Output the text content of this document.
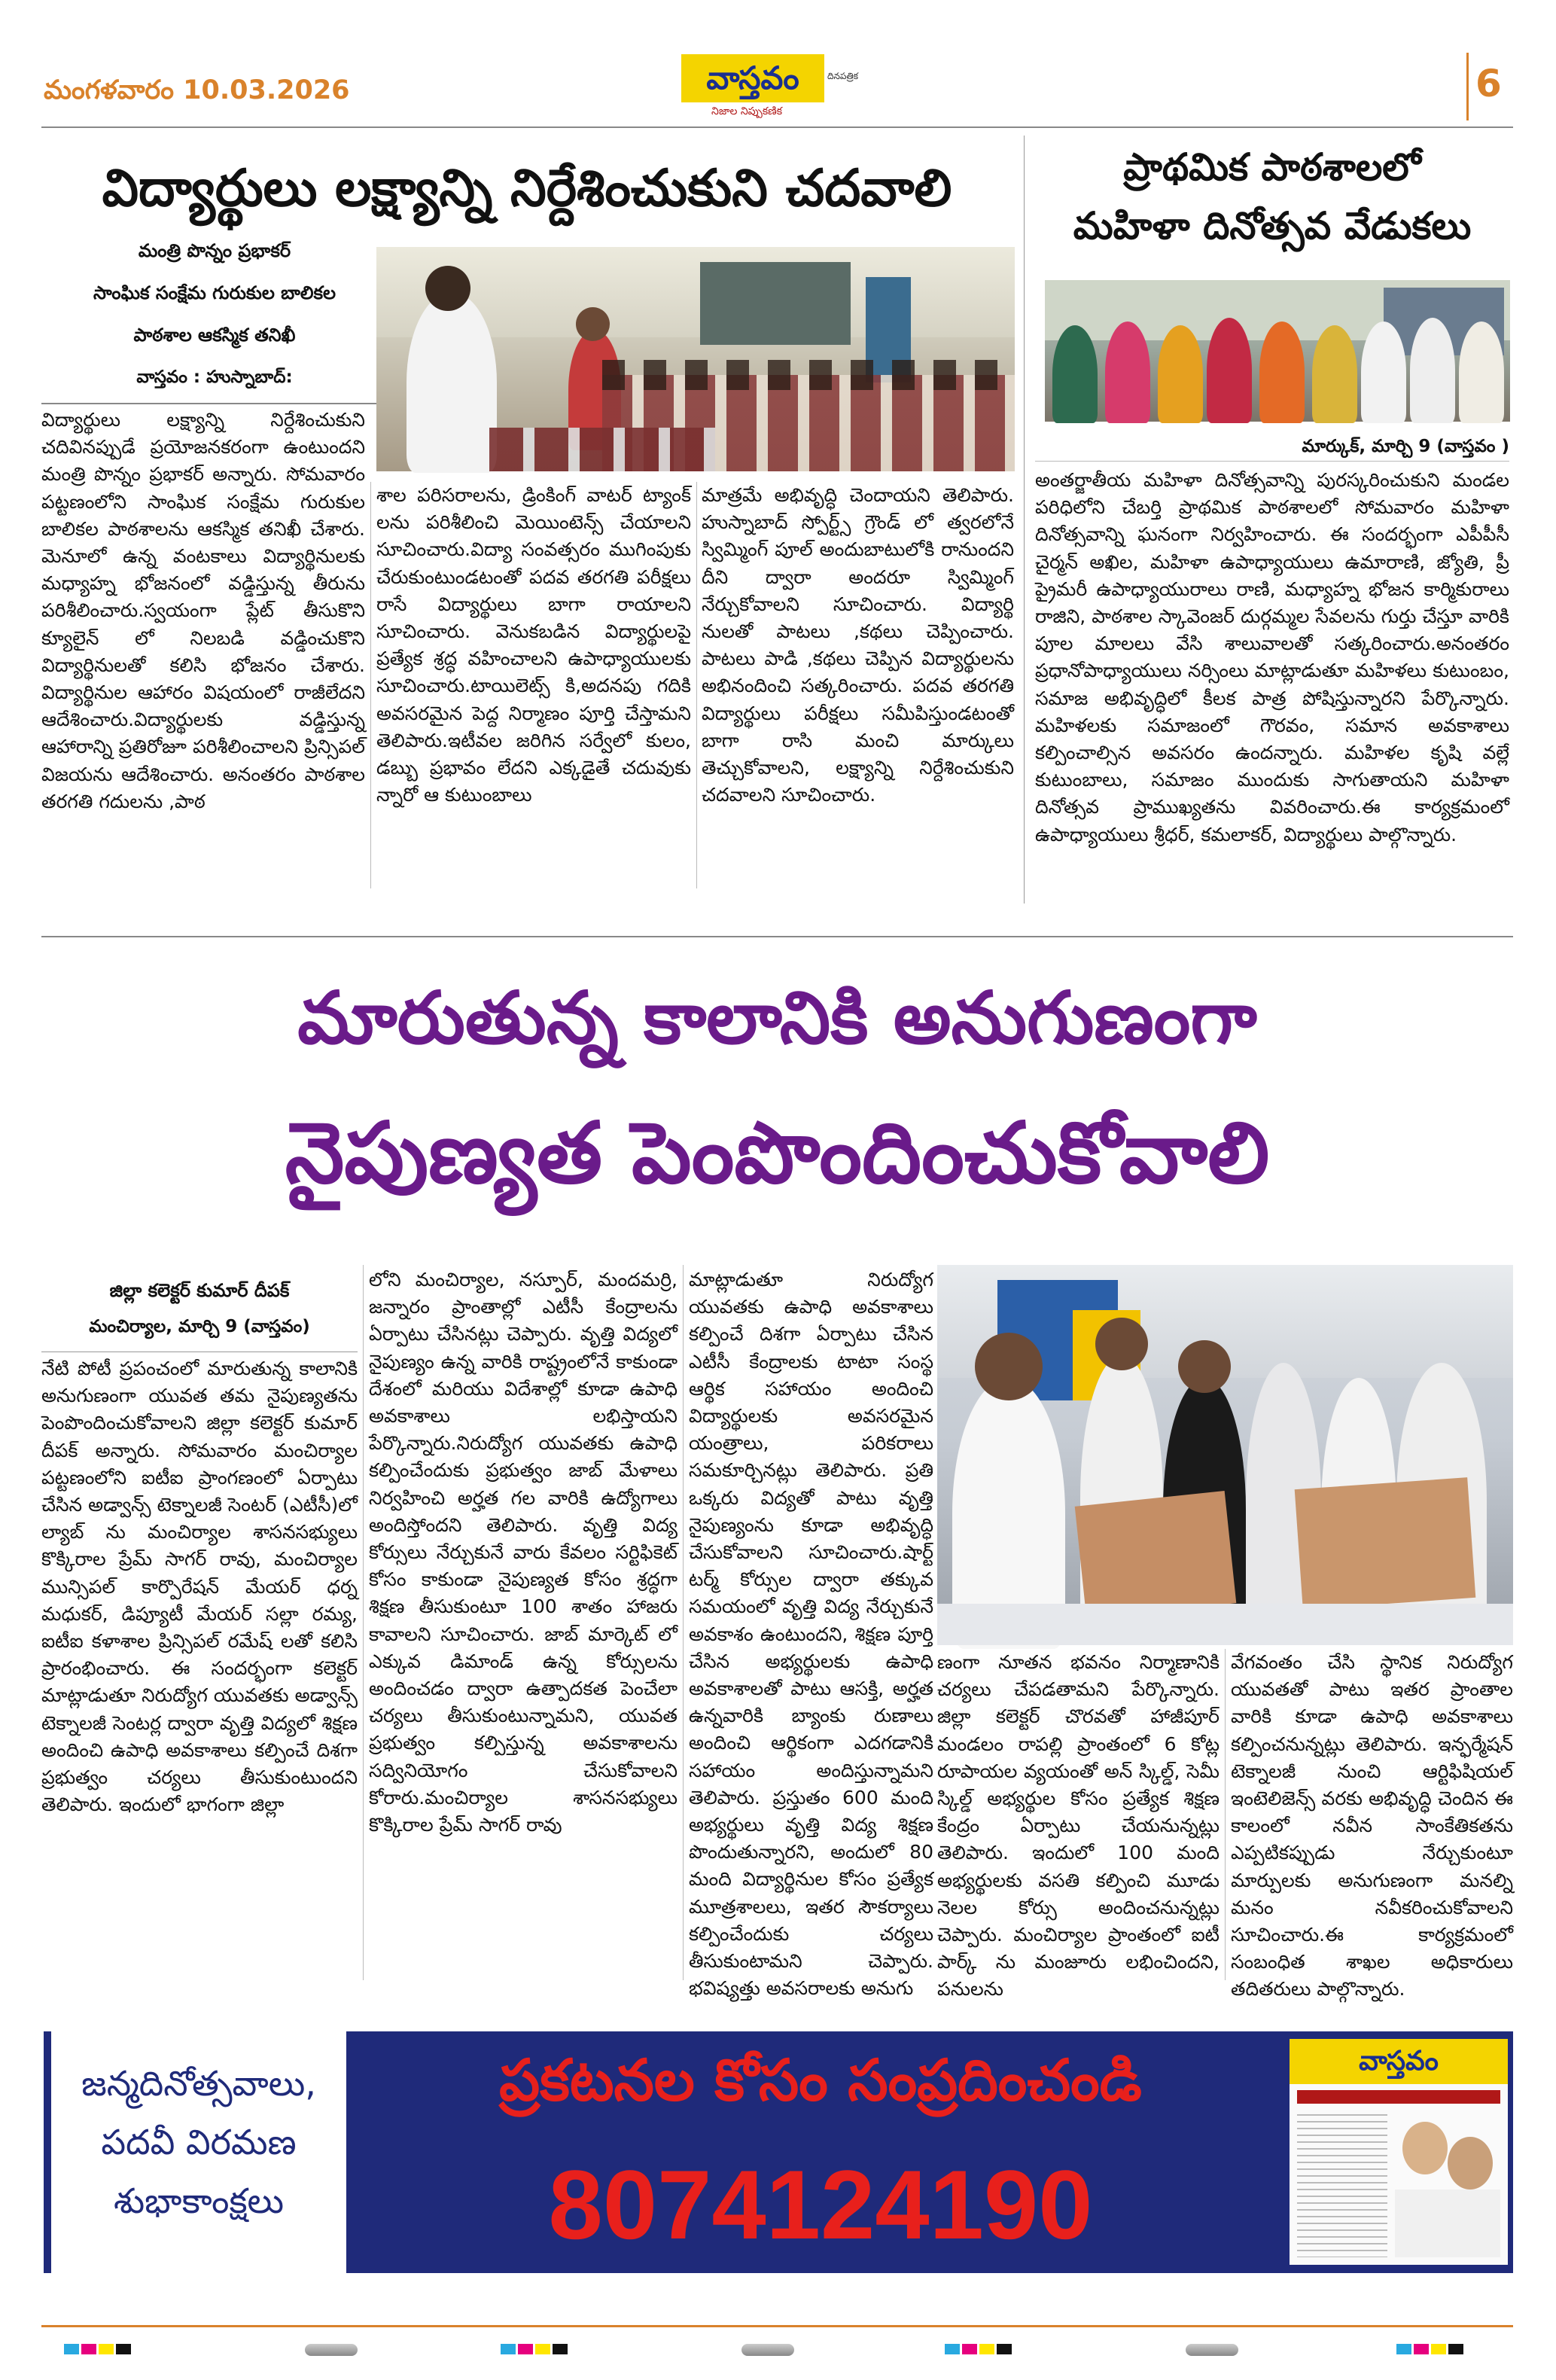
మంగళవారం 10.03.2026	వాస్తవం	దినపత్రిక
నిజాల నిప్పుకణిక
6
విద్యార్థులు లక్ష్యాన్ని నిర్దేశించుకుని చదవాలి
మంత్రి పొన్నం ప్రభాకర్
సాంఘిక సంక్షేమ గురుకుల బాలికల
పాఠశాల ఆకస్మిక తనిఖీ
వాస్తవం : హుస్నాబాద్:
విద్యార్థులు లక్ష్యాన్ని నిర్దేశించుకుని చదివినప్పుడే ప్రయోజనకరంగా ఉంటుందని మంత్రి పొన్నం ప్రభాకర్ అన్నారు. సోమవారం పట్టణంలోని సాంఘిక సంక్షేమ గురుకుల బాలికల పాఠశాలను ఆకస్మిక తనిఖీ చేశారు. మెనూలో ఉన్న వంటకాలు విద్యార్థినులకు మధ్యాహ్న భోజనంలో వడ్డిస్తున్న తీరును పరిశీలించారు.స్వయంగా ప్లేట్ తీసుకొని క్యూలైన్ లో నిలబడి వడ్డించుకొని విద్యార్థినులతో కలిసి భోజనం చేశారు. విద్యార్థినుల ఆహారం విషయంలో రాజీలేదని ఆదేశించారు.విద్యార్థులకు వడ్డిస్తున్న ఆహారాన్ని ప్రతిరోజూ పరిశీలించాలని ప్రిన్సిపల్ విజయను ఆదేశించారు. అనంతరం పాఠశాల తరగతి గదులను ,పాఠ
శాల పరిసరాలను, డ్రింకింగ్ వాటర్ ట్యాంక్ లను పరిశీలించి మెయింటెన్స్ చేయాలని సూచించారు.విద్యా సంవత్సరం ముగింపుకు చేరుకుంటుండటంతో పదవ తరగతి పరీక్షలు రాసే విద్యార్థులు బాగా రాయాలని సూచించారు. వెనుకబడిన విద్యార్థులపై ప్రత్యేక శ్రద్ధ వహించాలని ఉపాధ్యాయులకు సూచించారు.టాయిలెట్స్ కి,అదనపు గదికి అవసరమైన పెద్ద నిర్మాణం పూర్తి చేస్తామని తెలిపారు.ఇటీవల జరిగిన సర్వేలో కులం, డబ్బు ప్రభావం లేదని ఎక్కడైతే చదువుకు న్నారో ఆ కుటుంబాలు
మాత్రమే అభివృద్ధి చెందాయని తెలిపారు. హుస్నాబాద్ స్పోర్ట్స్ గ్రౌండ్ లో త్వరలోనే స్విమ్మింగ్ పూల్ అందుబాటులోకి రానుందని దీని ద్వారా అందరూ స్విమ్మింగ్ నేర్చుకోవాలని సూచించారు. విద్యార్థి నులతో పాటలు ,కథలు చెప్పించారు. పాటలు పాడి ,కథలు చెప్పిన విద్యార్థులను అభినందించి సత్కరించారు. పదవ తరగతి విద్యార్థులు పరీక్షలు సమీపిస్తుండటంతో బాగా రాసి మంచి మార్కులు తెచ్చుకోవాలని, లక్ష్యాన్ని నిర్దేశించుకుని చదవాలని సూచించారు.
ప్రాథమిక పాఠశాలలో
మహిళా దినోత్సవ వేడుకలు
మార్కుక్, మార్చి 9 (వాస్తవం )
అంతర్జాతీయ మహిళా దినోత్సవాన్ని పురస్కరించుకుని మండల పరిధిలోని చేబర్తి ప్రాథమిక పాఠశాలలో సోమవారం మహిళా దినోత్సవాన్ని ఘనంగా నిర్వహించారు. ఈ సందర్భంగా ఎపీపీసీ చైర్మన్ అఖిల, మహిళా ఉపాధ్యాయులు ఉమారాణి, జ్యోతి, ప్రీ ప్రైమరీ ఉపాధ్యాయురాలు రాణి, మధ్యాహ్న భోజన కార్మికురాలు రాజిని, పాఠశాల స్కావెంజర్ దుర్గమ్మల సేవలను గుర్తు చేస్తూ వారికి పూల మాలలు వేసి శాలువాలతో సత్కరించారు.అనంతరం ప్రధానోపాధ్యాయులు నర్సింలు మాట్లాడుతూ మహిళలు కుటుంబం, సమాజ అభివృద్ధిలో కీలక పాత్ర పోషిస్తున్నారని పేర్కొన్నారు. మహిళలకు సమాజంలో గౌరవం, సమాన అవకాశాలు కల్పించాల్సిన అవసరం ఉందన్నారు. మహిళల కృషి వల్లే కుటుంబాలు, సమాజం ముందుకు సాగుతాయని మహిళా దినోత్సవ ప్రాముఖ్యతను వివరించారు.ఈ కార్యక్రమంలో ఉపాధ్యాయులు శ్రీధర్, కమలాకర్, విద్యార్థులు పాల్గొన్నారు.
మారుతున్న కాలానికి అనుగుణంగా
నైపుణ్యత పెంపొందించుకోవాలి
జిల్లా కలెక్టర్ కుమార్ దీపక్
మంచిర్యాల, మార్చి 9 (వాస్తవం)
నేటి పోటీ ప్రపంచంలో మారుతున్న కాలానికి అనుగుణంగా యువత తమ నైపుణ్యతను పెంపొందించుకోవాలని జిల్లా కలెక్టర్ కుమార్ దీపక్ అన్నారు. సోమవారం మంచిర్యాల పట్టణంలోని ఐటీఐ ప్రాంగణంలో ఏర్పాటు చేసిన అడ్వాన్స్ టెక్నాలజీ సెంటర్ (ఎటీసీ)లో ల్యాబ్ ను మంచిర్యాల శాసనసభ్యులు కొక్కిరాల ప్రేమ్ సాగర్ రావు, మంచిర్యాల మున్సిపల్ కార్పొరేషన్ మేయర్ ధర్న మధుకర్, డిప్యూటీ మేయర్ సల్లా రమ్య, ఐటీఐ కళాశాల ప్రిన్సిపల్ రమేష్ లతో కలిసి ప్రారంభించారు. ఈ సందర్భంగా కలెక్టర్ మాట్లాడుతూ నిరుద్యోగ యువతకు అడ్వాన్స్ టెక్నాలజీ సెంటర్ల ద్వారా వృత్తి విద్యలో శిక్షణ అందించి ఉపాధి అవకాశాలు కల్పించే దిశగా ప్రభుత్వం చర్యలు తీసుకుంటుందని తెలిపారు. ఇందులో భాగంగా జిల్లా
లోని మంచిర్యాల, నస్పూర్, మందమర్రి, జన్నారం ప్రాంతాల్లో ఎటీసీ కేంద్రాలను ఏర్పాటు చేసినట్లు చెప్పారు. వృత్తి విద్యలో నైపుణ్యం ఉన్న వారికి రాష్ట్రంలోనే కాకుండా దేశంలో మరియు విదేశాల్లో కూడా ఉపాధి అవకాశాలు లభిస్తాయని పేర్కొన్నారు.నిరుద్యోగ యువతకు ఉపాధి కల్పించేందుకు ప్రభుత్వం జాబ్ మేళాలు నిర్వహించి అర్హత గల వారికి ఉద్యోగాలు అందిస్తోందని తెలిపారు. వృత్తి విద్య కోర్సులు నేర్చుకునే వారు కేవలం సర్టిఫికెట్ కోసం కాకుండా నైపుణ్యత కోసం శ్రద్ధగా శిక్షణ తీసుకుంటూ 100 శాతం హాజరు కావాలని సూచించారు. జాబ్ మార్కెట్ లో ఎక్కువ డిమాండ్ ఉన్న కోర్సులను అందించడం ద్వారా ఉత్పాదకత పెంచేలా చర్యలు తీసుకుంటున్నామని, యువత ప్రభుత్వం కల్పిస్తున్న అవకాశాలను సద్వినియోగం చేసుకోవాలని కోరారు.మంచిర్యాల శాసనసభ్యులు కొక్కిరాల ప్రేమ్ సాగర్ రావు
మాట్లాడుతూ నిరుద్యోగ యువతకు ఉపాధి అవకాశాలు కల్పించే దిశగా ఏర్పాటు చేసిన ఎటీసీ కేంద్రాలకు టాటా సంస్థ ఆర్థిక సహాయం అందించి విద్యార్థులకు అవసరమైన యంత్రాలు, పరికరాలు సమకూర్చినట్లు తెలిపారు. ప్రతి ఒక్కరు విద్యతో పాటు వృత్తి నైపుణ్యంను కూడా అభివృద్ధి చేసుకోవాలని సూచించారు.షార్ట్ టర్మ్ కోర్సుల ద్వారా తక్కువ సమయంలో వృత్తి విద్య నేర్చుకునే అవకాశం ఉంటుందని, శిక్షణ పూర్తి చేసిన అభ్యర్థులకు ఉపాధి అవకాశాలతో పాటు ఆసక్తి, అర్హత ఉన్నవారికి బ్యాంకు రుణాలు అందించి ఆర్థికంగా ఎదగడానికి సహాయం అందిస్తున్నామని తెలిపారు. ప్రస్తుతం 600 మంది అభ్యర్థులు వృత్తి విద్య శిక్షణ పొందుతున్నారని, అందులో 80 మంది విద్యార్థినుల కోసం ప్రత్యేక మూత్రశాలలు, ఇతర సౌకర్యాలు కల్పించేందుకు చర్యలు తీసుకుంటామని చెప్పారు. భవిష్యత్తు అవసరాలకు అనుగు
ణంగా నూతన భవనం నిర్మాణానికి చర్యలు చేపడతామని పేర్కొన్నారు. జిల్లా కలెక్టర్ చొరవతో హాజీపూర్ మండలం రాపల్లి ప్రాంతంలో 6 కోట్ల రూపాయల వ్యయంతో అన్ స్కిల్డ్, సెమీ స్కిల్డ్ అభ్యర్థుల కోసం ప్రత్యేక శిక్షణ కేంద్రం ఏర్పాటు చేయనున్నట్లు తెలిపారు. ఇందులో 100 మంది అభ్యర్థులకు వసతి కల్పించి మూడు నెలల కోర్సు అందించనున్నట్లు చెప్పారు. మంచిర్యాల ప్రాంతంలో ఐటీ పార్క్ ను మంజూరు లభించిందని, పనులను
వేగవంతం చేసి స్థానిక నిరుద్యోగ యువతతో పాటు ఇతర ప్రాంతాల వారికి కూడా ఉపాధి అవకాశాలు కల్పించనున్నట్లు తెలిపారు. ఇన్ఫర్మేషన్ టెక్నాలజీ నుంచి ఆర్టిఫిషియల్ ఇంటెలిజెన్స్ వరకు అభివృద్ధి చెందిన ఈ కాలంలో నవీన సాంకేతికతను ఎప్పటికప్పుడు నేర్చుకుంటూ మార్పులకు అనుగుణంగా మనల్ని మనం నవీకరించుకోవాలని సూచించారు.ఈ కార్యక్రమంలో సంబంధిత శాఖల అధికారులు తదితరులు పాల్గొన్నారు.
జన్మదినోత్సవాలు,
పదవీ విరమణ
శుభాకాంక్షలు
ప్రకటనల కోసం సంప్రదించండి
8074124190
వాస్తవం
